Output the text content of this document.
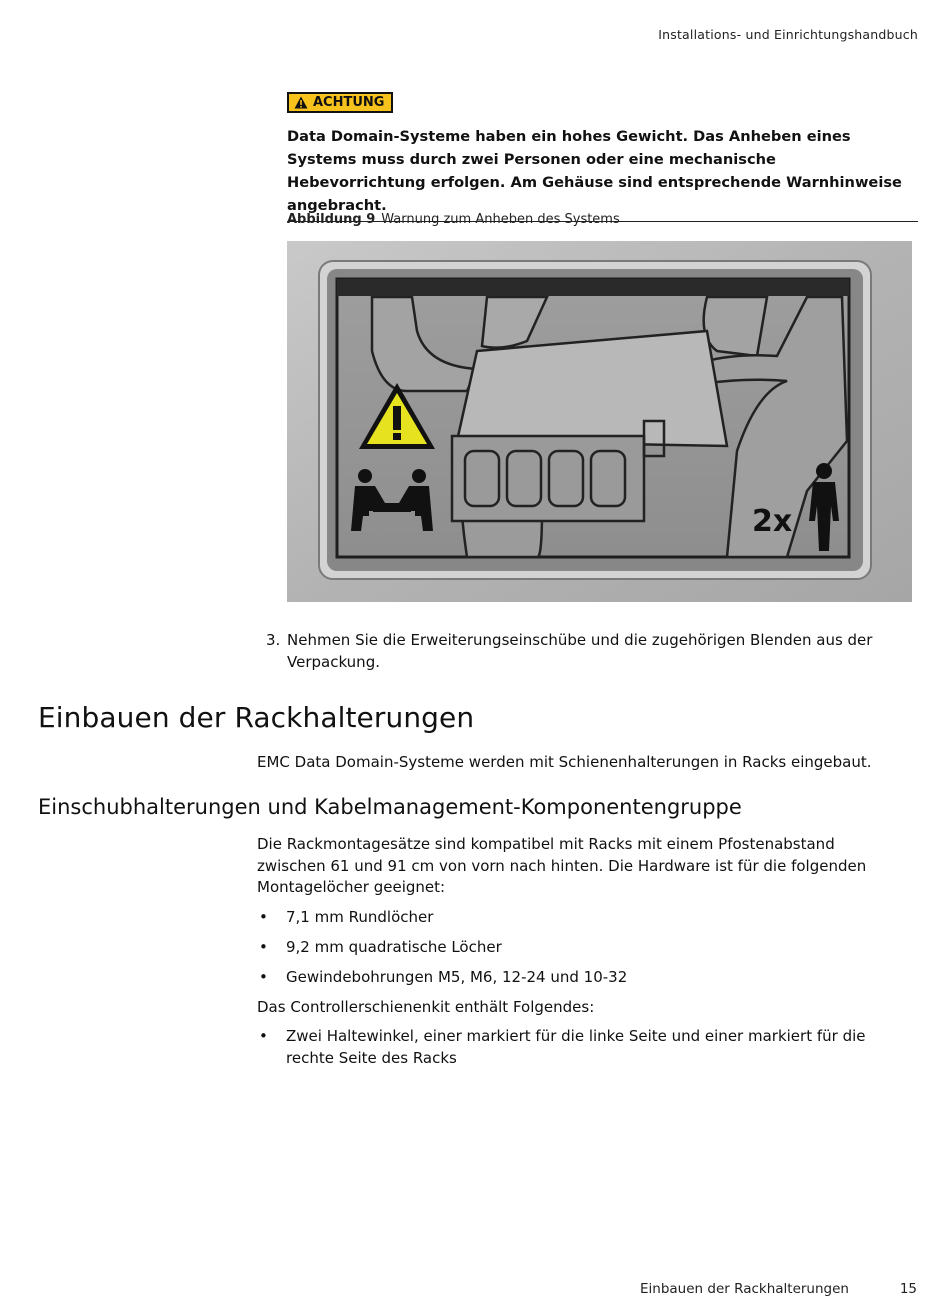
Installations- und Einrichtungshandbuch
ACHTUNG
Data Domain-Systeme haben ein hohes Gewicht. Das Anheben eines Systems muss durch zwei Personen oder eine mechanische Hebevorrichtung erfolgen. Am Gehäuse sind entsprechende Warnhinweise angebracht.
Abbildung 9 Warnung zum Anheben des Systems
2x
3. Nehmen Sie die Erweiterungseinschübe und die zugehörigen Blenden aus der Verpackung.
Einbauen der Rackhalterungen

EMC Data Domain-Systeme werden mit Schienenhalterungen in Racks eingebaut.

Einschubhalterungen und Kabelmanagement-Komponentengruppe

Die Rackmontagesätze sind kompatibel mit Racks mit einem Pfostenabstand zwischen 61 und 91 cm von vorn nach hinten. Die Hardware ist für die folgenden Montagelöcher geeignet:

• 7,1 mm Rundlöcher
• 9,2 mm quadratische Löcher
• Gewindebohrungen M5, M6, 12-24 und 10-32

Das Controllerschienenkit enthält Folgendes:

• Zwei Haltewinkel, einer markiert für die linke Seite und einer markiert für die rechte Seite des Racks
Einbauen der Rackhalterungen	15
